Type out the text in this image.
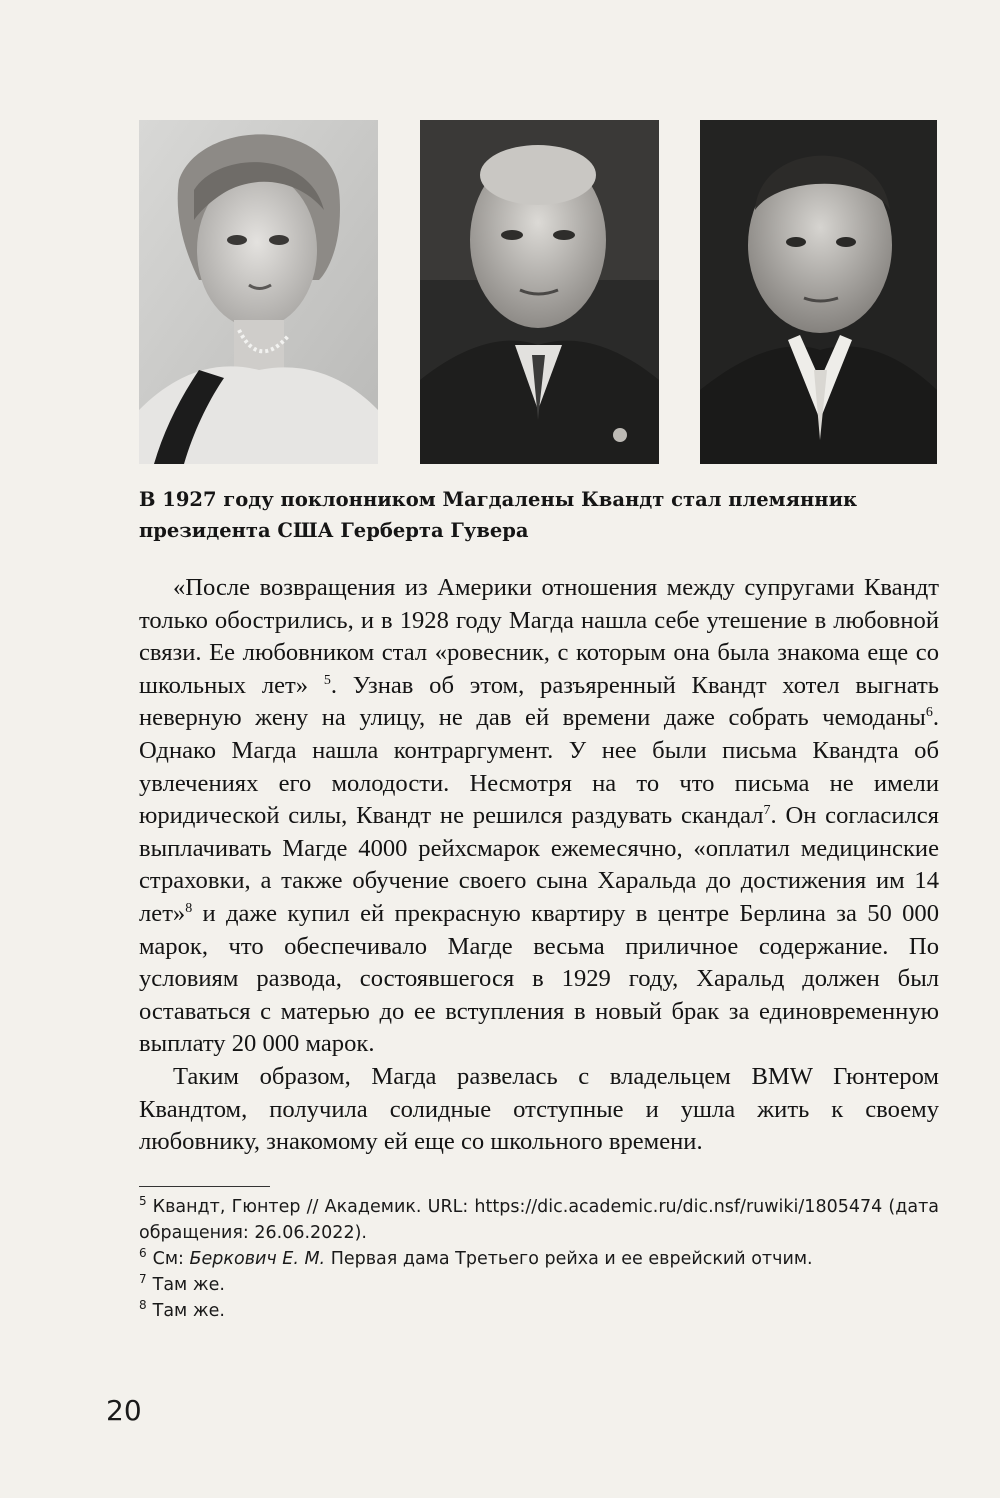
В 1927 году поклонником Магдалены Квандт стал племянник президента США Герберта Гувера

«После возвращения из Америки отношения между супругами Квандт только обострились, и в 1928 году Магда нашла себе утешение в любовной связи. Ее любовником стал «ровесник, с которым она была знакома еще со школьных лет» $^5$. Узнав об этом, разъяренный Квандт хотел выгнать неверную жену на улицу, не дав ей времени даже собрать чемоданы$^6$. Однако Магда нашла контраргумент. У нее были письма Квандта об увлечениях его молодости. Несмотря на то что письма не имели юридической силы, Квандт не решился раздувать скандал$^7$. Он согласился выплачивать Магде 4000 рейхсмарок ежемесячно, «оплатил медицинские страховки, а также обучение своего сына Харальда до достижения им 14 лет»$^8$ и даже купил ей прекрасную квартиру в центре Берлина за 50 000 марок, что обеспечивало Магде весьма приличное содержание. По условиям развода, состоявшегося в 1929 году, Харальд должен был оставаться с матерью до ее вступления в новый брак за единовременную выплату 20 000 марок.

Таким образом, Магда развелась с владельцем BMW Гюнтером Квандтом, получила солидные отступные и ушла жить к своему любовнику, знакомому ей еще со школьного времени.

$^5$ Квандт, Гюнтер // Академик. URL: https://dic.academic.ru/dic.nsf/ruwiki/1805474 (дата обращения: 26.06.2022).
$^6$ См: Беркович Е. М. Первая дама Третьего рейха и ее еврейский отчим.
$^7$ Там же.
$^8$ Там же.
20
